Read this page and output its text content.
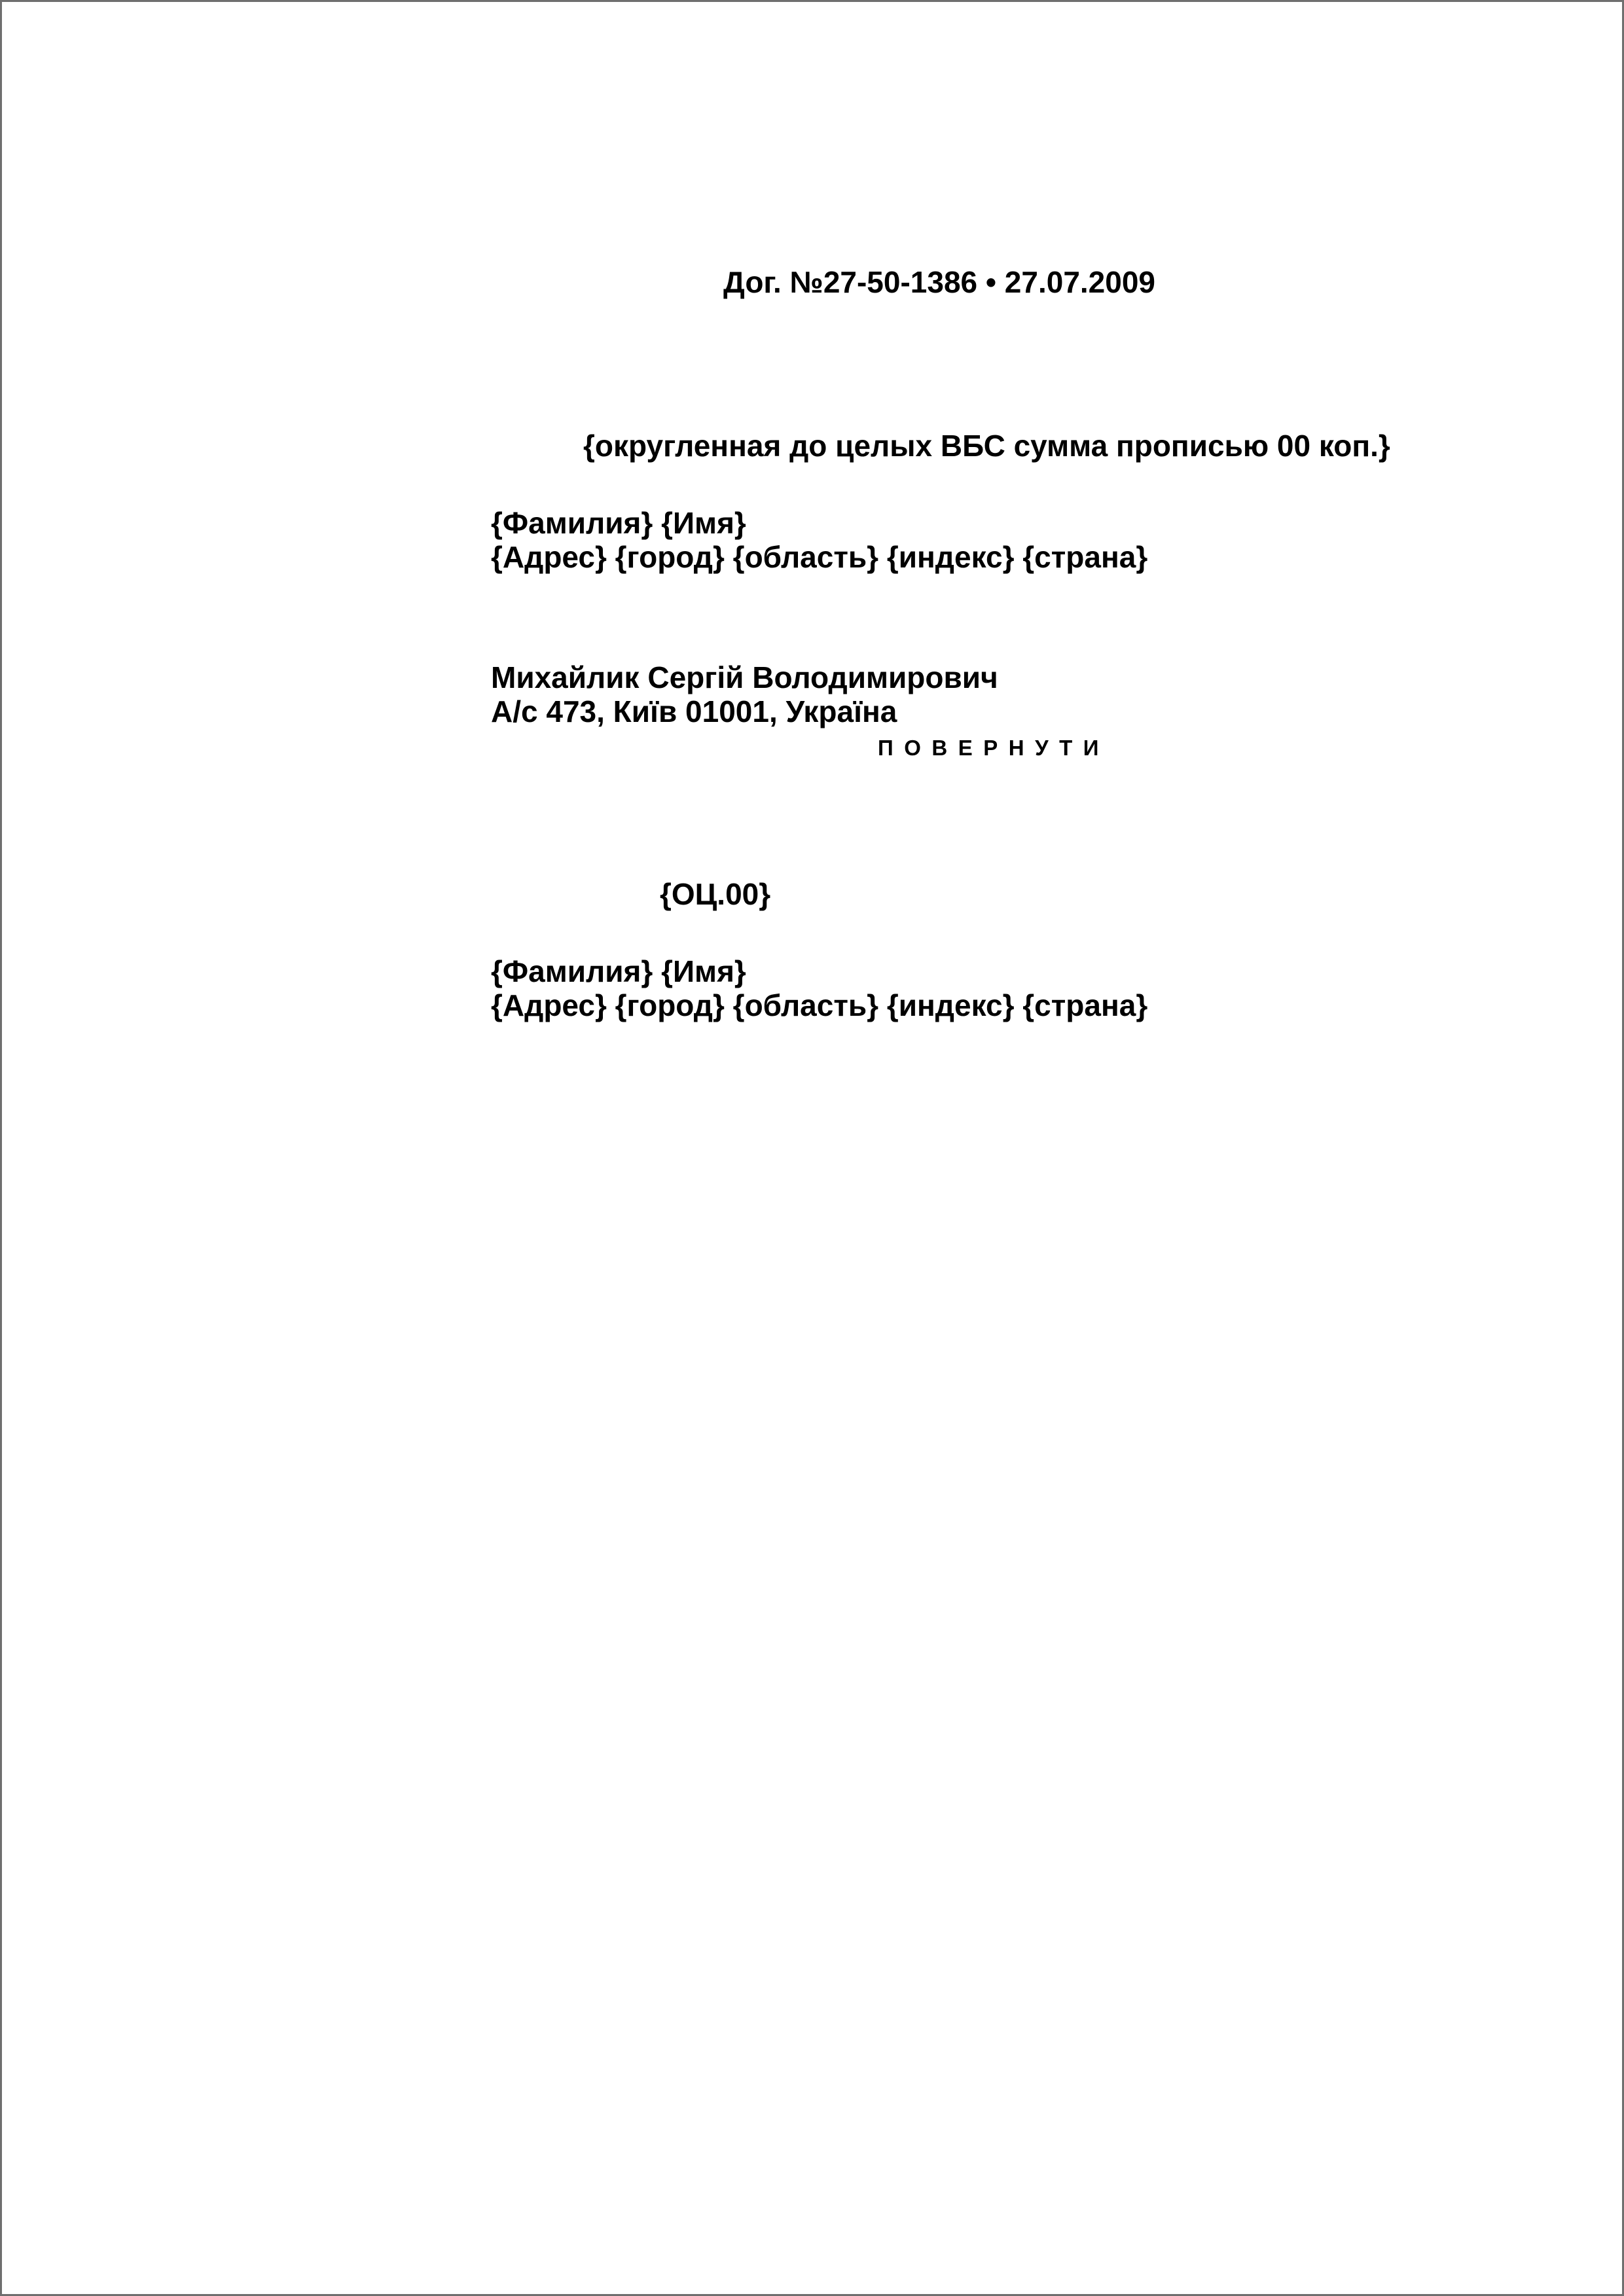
Дог. №27-50-1386 • 27.07.2009

{округленная до целых ВБС сумма прописью 00 коп.}

{Фамилия} {Имя}
{Адрес} {город} {область} {индекс} {страна}
Михайлик Сергій Володимирович
А/с 473, Київ 01001, Україна

ПОВЕРНУТИ

{ОЦ.00}

{Фамилия} {Имя}
{Адрес} {город} {область} {индекс} {страна}
